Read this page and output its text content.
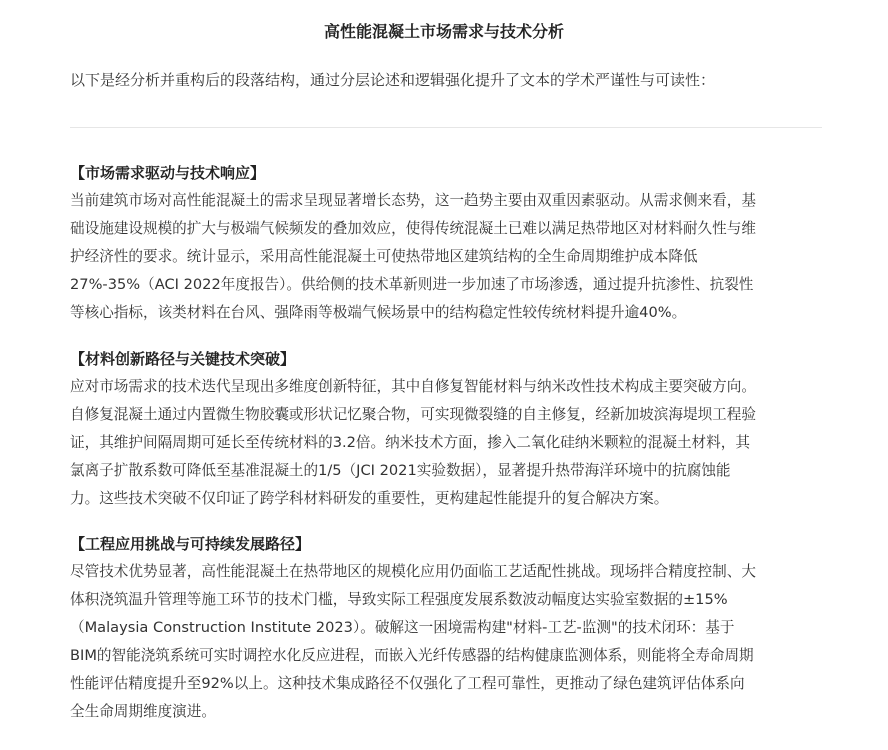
高性能混凝土市场需求与技术分析
以下是经分析并重构后的段落结构，通过分层论述和逻辑强化提升了文本的学术严谨性与可读性：
【市场需求驱动与技术响应】
当前建筑市场对高性能混凝土的需求呈现显著增长态势，这一趋势主要由双重因素驱动。从需求侧来看，基
础设施建设规模的扩大与极端气候频发的叠加效应，使得传统混凝土已难以满足热带地区对材料耐久性与维
护经济性的要求。统计显示，采用高性能混凝土可使热带地区建筑结构的全生命周期维护成本降低
27%-35%（ACI 2022年度报告）。供给侧的技术革新则进一步加速了市场渗透，通过提升抗渗性、抗裂性
等核心指标，该类材料在台风、强降雨等极端气候场景中的结构稳定性较传统材料提升逾40%。
【材料创新路径与关键技术突破】
应对市场需求的技术迭代呈现出多维度创新特征，其中自修复智能材料与纳米改性技术构成主要突破方向。
自修复混凝土通过内置微生物胶囊或形状记忆聚合物，可实现微裂缝的自主修复，经新加坡滨海堤坝工程验
证，其维护间隔周期可延长至传统材料的3.2倍。纳米技术方面，掺入二氧化硅纳米颗粒的混凝土材料，其
氯离子扩散系数可降低至基准混凝土的1/5（JCI 2021实验数据），显著提升热带海洋环境中的抗腐蚀能
力。这些技术突破不仅印证了跨学科材料研发的重要性，更构建起性能提升的复合解决方案。
【工程应用挑战与可持续发展路径】
尽管技术优势显著，高性能混凝土在热带地区的规模化应用仍面临工艺适配性挑战。现场拌合精度控制、大
体积浇筑温升管理等施工环节的技术门槛，导致实际工程强度发展系数波动幅度达实验室数据的±15%
（Malaysia Construction Institute 2023）。破解这一困境需构建"材料-工艺-监测"的技术闭环：基于
BIM的智能浇筑系统可实时调控水化反应进程，而嵌入光纤传感器的结构健康监测体系，则能将全寿命周期
性能评估精度提升至92%以上。这种技术集成路径不仅强化了工程可靠性，更推动了绿色建筑评估体系向
全生命周期维度演进。
